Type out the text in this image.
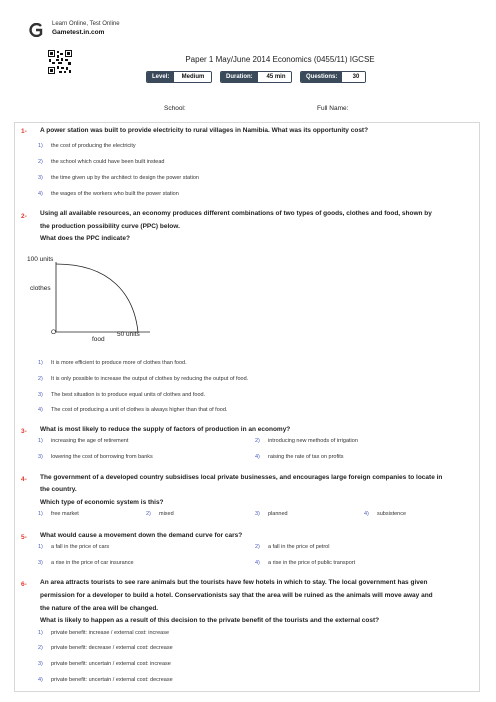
Learn Online, Test Online
Gametest.in.com
Paper 1 May/June 2014 Economics (0455/11) IGCSE
Level:	Medium	Duration:	45 min	Questions:	30
School:	Full Name:
1- A power station was built to provide electricity to rural villages in Namibia. What was its opportunity cost?
1) the cost of producing the electricity
2) the school which could have been built instead
3) the time given up by the architect to design the power station
4) the wages of the workers who built the power station
2- Using all available resources, an economy produces different combinations of two types of goods, clothes and food, shown by
the production possibility curve (PPC) below.
What does the PPC indicate?
100 units
clothes
O
food
50 units
1) It is more efficient to produce more of clothes than food.
2) It is only possible to increase the output of clothes by reducing the output of food.
3) The best situation is to produce equal units of clothes and food.
4) The cost of producing a unit of clothes is always higher than that of food.
3- What is most likely to reduce the supply of factors of production in an economy?
1) increasing the age of retirement	2) introducing new methods of irrigation
3) lowering the cost of borrowing from banks	4) raising the rate of tax on profits
4- The government of a developed country subsidises local private businesses, and encourages large foreign companies to locate in
the country.
Which type of economic system is this?
1) free market	2) mixed	3) planned	4) subsistence
5- What would cause a movement down the demand curve for cars?
1) a fall in the price of cars	2) a fall in the price of petrol
3) a rise in the price of car insurance	4) a rise in the price of public transport
6- An area attracts tourists to see rare animals but the tourists have few hotels in which to stay. The local government has given
permission for a developer to build a hotel. Conservationists say that the area will be ruined as the animals will move away and
the nature of the area will be changed.
What is likely to happen as a result of this decision to the private benefit of the tourists and the external cost?
1) private benefit: increase / external cost: increase
2) private benefit: decrease / external cost: decrease
3) private benefit: uncertain / external cost: increase
4) private benefit: uncertain / external cost: decrease
